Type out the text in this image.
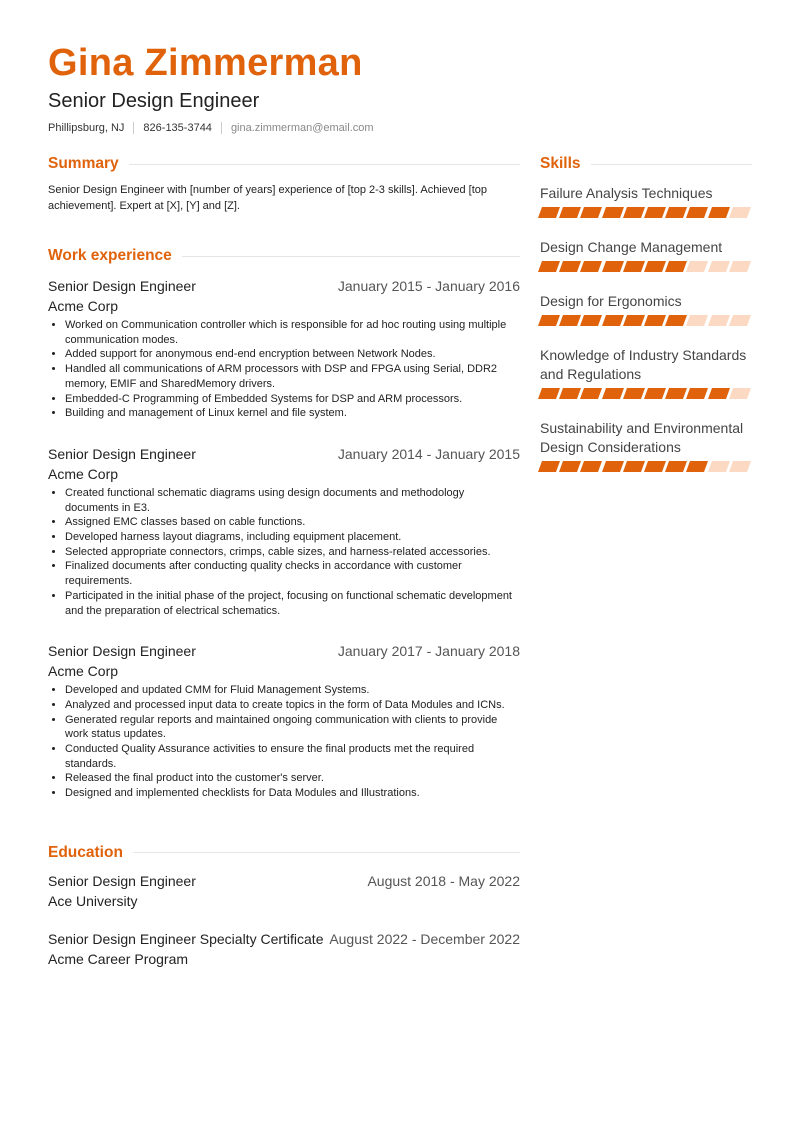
Gina Zimmerman
Senior Design Engineer
Phillipsburg, NJ 826-135-3744 gina.zimmerman@email.com
Summary
Senior Design Engineer with [number of years] experience of [top 2-3 skills]. Achieved [top achievement]. Expert at [X], [Y] and [Z].
Work experience
Senior Design Engineer	January 2015 - January 2016
Acme Corp
• Worked on Communication controller which is responsible for ad hoc routing using multiple communication modes.
• Added support for anonymous end-end encryption between Network Nodes.
• Handled all communications of ARM processors with DSP and FPGA using Serial, DDR2 memory, EMIF and SharedMemory drivers.
• Embedded-C Programming of Embedded Systems for DSP and ARM processors.
• Building and management of Linux kernel and file system.
Senior Design Engineer	January 2014 - January 2015
Acme Corp
• Created functional schematic diagrams using design documents and methodology documents in E3.
• Assigned EMC classes based on cable functions.
• Developed harness layout diagrams, including equipment placement.
• Selected appropriate connectors, crimps, cable sizes, and harness-related accessories.
• Finalized documents after conducting quality checks in accordance with customer requirements.
• Participated in the initial phase of the project, focusing on functional schematic development and the preparation of electrical schematics.
Senior Design Engineer	January 2017 - January 2018
Acme Corp
• Developed and updated CMM for Fluid Management Systems.
• Analyzed and processed input data to create topics in the form of Data Modules and ICNs.
• Generated regular reports and maintained ongoing communication with clients to provide work status updates.
• Conducted Quality Assurance activities to ensure the final products met the required standards.
• Released the final product into the customer's server.
• Designed and implemented checklists for Data Modules and Illustrations.
Education
Senior Design Engineer	August 2018 - May 2022
Ace University
Senior Design Engineer Specialty Certificate August 2022 - December 2022
Acme Career Program
Skills
Failure Analysis Techniques
Design Change Management
Design for Ergonomics
Knowledge of Industry Standards and Regulations
Sustainability and Environmental Design Considerations
